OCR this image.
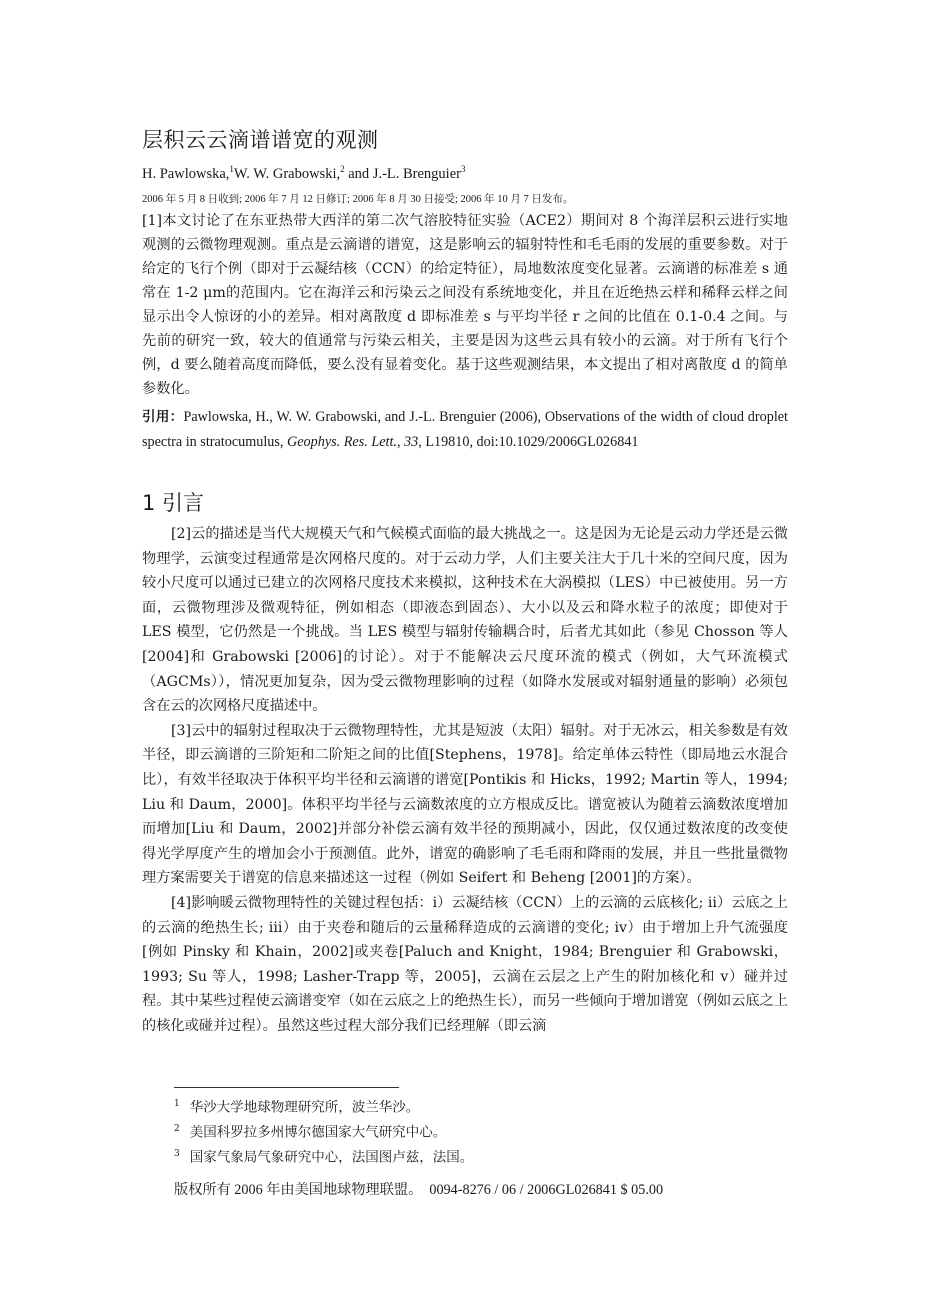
层积云云滴谱谱宽的观测
H. Pawlowska,$^1$W. W. Grabowski,$^2$ and J.-L. Brenguier$^3$
2006 年 5 月 8 日收到; 2006 年 7 月 12 日修订; 2006 年 8 月 30 日接受; 2006 年 10 月 7 日发布。
[1]本文讨论了在东亚热带大西洋的第二次气溶胶特征实验（ACE2）期间对 8 个海洋层积云进行实地观测的云微物理观测。重点是云滴谱的谱宽，这是影响云的辐射特性和毛毛雨的发展的重要参数。对于给定的飞行个例（即对于云凝结核（CCN）的给定特征），局地数浓度变化显著。云滴谱的标准差 s 通常在 1-2 μm的范围内。它在海洋云和污染云之间没有系统地变化，并且在近绝热云样和稀释云样之间显示出令人惊讶的小的差异。相对离散度 d 即标准差 s 与平均半径 r 之间的比值在 0.1-0.4 之间。与先前的研究一致，较大的值通常与污染云相关，主要是因为这些云具有较小的云滴。对于所有飞行个例，d 要么随着高度而降低，要么没有显着变化。基于这些观测结果，本文提出了相对离散度 d 的简单参数化。
引用：Pawlowska, H., W. W. Grabowski, and J.-L. Brenguier (2006), Observations of the width of cloud droplet spectra in stratocumulus, Geophys. Res. Lett., 33, L19810, doi:10.1029/2006GL026841
1 引言

[2]云的描述是当代大规模天气和气候模式面临的最大挑战之一。这是因为无论是云动力学还是云微物理学，云演变过程通常是次网格尺度的。对于云动力学，人们主要关注大于几十米的空间尺度，因为较小尺度可以通过已建立的次网格尺度技术来模拟，这种技术在大涡模拟（LES）中已被使用。另一方面，云微物理涉及微观特征，例如相态（即液态到固态）、大小以及云和降水粒子的浓度；即使对于 LES 模型，它仍然是一个挑战。当 LES 模型与辐射传输耦合时，后者尤其如此（参见 Chosson 等人[2004]和 Grabowski [2006]的讨论）。对于不能解决云尺度环流的模式（例如，大气环流模式（AGCMs）），情况更加复杂，因为受云微物理影响的过程（如降水发展或对辐射通量的影响）必须包含在云的次网格尺度描述中。

[3]云中的辐射过程取决于云微物理特性，尤其是短波（太阳）辐射。对于无冰云，相关参数是有效半径，即云滴谱的三阶矩和二阶矩之间的比值[Stephens，1978]。给定单体云特性（即局地云水混合比），有效半径取决于体积平均半径和云滴谱的谱宽[Pontikis 和 Hicks，1992; Martin 等人，1994; Liu 和 Daum，2000]。体积平均半径与云滴数浓度的立方根成反比。谱宽被认为随着云滴数浓度增加而增加[Liu 和 Daum，2002]并部分补偿云滴有效半径的预期减小，因此，仅仅通过数浓度的改变使得光学厚度产生的增加会小于预测值。此外，谱宽的确影响了毛毛雨和降雨的发展，并且一些批量微物理方案需要关于谱宽的信息来描述这一过程（例如 Seifert 和 Beheng [2001]的方案）。

[4]影响暖云微物理特性的关键过程包括：i）云凝结核（CCN）上的云滴的云底核化; ii）云底之上的云滴的绝热生长; iii）由于夹卷和随后的云量稀释造成的云滴谱的变化; iv）由于增加上升气流强度[例如 Pinsky 和 Khain，2002]或夹卷[Paluch and Knight，1984; Brenguier 和 Grabowski，1993; Su 等人，1998; Lasher-Trapp 等，2005]，云滴在云层之上产生的附加核化和 v）碰并过程。其中某些过程使云滴谱变窄（如在云底之上的绝热生长），而另一些倾向于增加谱宽（例如云底之上的核化或碰并过程）。虽然这些过程大部分我们已经理解（即云滴

$^1$ 华沙大学地球物理研究所，波兰华沙。
$^2$ 美国科罗拉多州博尔德国家大气研究中心。
$^3$ 国家气象局气象研究中心，法国图卢兹，法国。
版权所有 2006 年由美国地球物理联盟。　0094-8276 / 06 / 2006GL026841 $ 05.00
